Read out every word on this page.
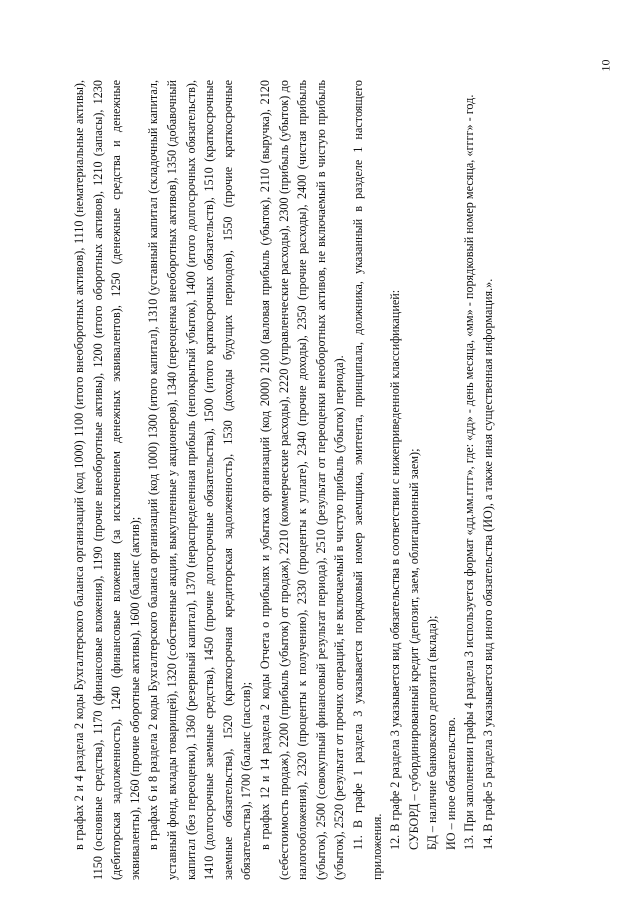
10

в графах 2 и 4 раздела 2 коды Бухгалтерского баланса организаций (код 1000) 1100 (итого внеоборотных активов), 1110 (нематериальные активы), 1150 (основные средства), 1170 (финансовые вложения), 1190 (прочие внеоборотные активы), 1200 (итого оборотных активов), 1210 (запасы), 1230 (дебиторская задолженность), 1240 (финансовые вложения (за исключением денежных эквивалентов), 1250 (денежные средства и денежные эквиваленты), 1260 (прочие оборотные активы), 1600 (баланс (актив); в графах 6 и 8 раздела 2 коды Бухгалтерского баланса организаций (код 1000) 1300 (итого капитал), 1310 (уставный капитал (складочный капитал, уставный фонд, вклады товарищей), 1320 (собственные акции, выкупленные у акционеров), 1340 (переоценка внеоборотных активов), 1350 (добавочный капитал (без переоценки), 1360 (резервный капитал), 1370 (нераспределенная прибыль (непокрытый убыток), 1400 (итого долгосрочных обязательств), 1410 (долгосрочные заемные средства), 1450 (прочие долгосрочные обязательства), 1500 (итого краткосрочных обязательств), 1510 (краткосрочные заемные обязательства), 1520 (краткосрочная кредиторская задолженность), 1530 (доходы будущих периодов), 1550 (прочие краткосрочные обязательства), 1700 (баланс (пассив); в графах 12 и 14 раздела 2 коды Отчета о прибылях и убытках организаций (код 2000) 2100 (валовая прибыль (убыток), 2110 (выручка), 2120 (себестоимость продаж), 2200 (прибыль (убыток) от продаж), 2210 (коммерческие расходы), 2220 (управленческие расходы), 2300 (прибыль (убыток) до налогообложения), 2320 (проценты к получению), 2330 (проценты к уплате), 2340 (прочие доходы), 2350 (прочие расходы), 2400 (чистая прибыль (убыток), 2500 (совокупный финансовый результат периода), 2510 (результат от переоценки внеоборотных активов, не включаемый в чистую прибыль (убыток), 2520 (результат от прочих операций, не включаемый в чистую прибыль (убыток) периода). 11. В графе 1 раздела 3 указывается порядковый номер заемщика, эмитента, принципала, должника, указанный в разделе 1 настоящего приложения. 12. В графе 2 раздела 3 указывается вид обязательства в соответствии с нижеприведенной классификацией: СУБОРД – субординированный кредит (депозит, заем, облигационный заем); БД – наличие банковского депозита (вклада); ИО – иное обязательство. 13. При заполнении графы 4 раздела 3 используется формат «дд.мм.гггг», где: «дд» - день месяца, «мм» - порядковый номер месяца, «гггг» - год. 14. В графе 5 раздела 3 указывается вид иного обязательства (ИО), а также иная существенная информация.».
